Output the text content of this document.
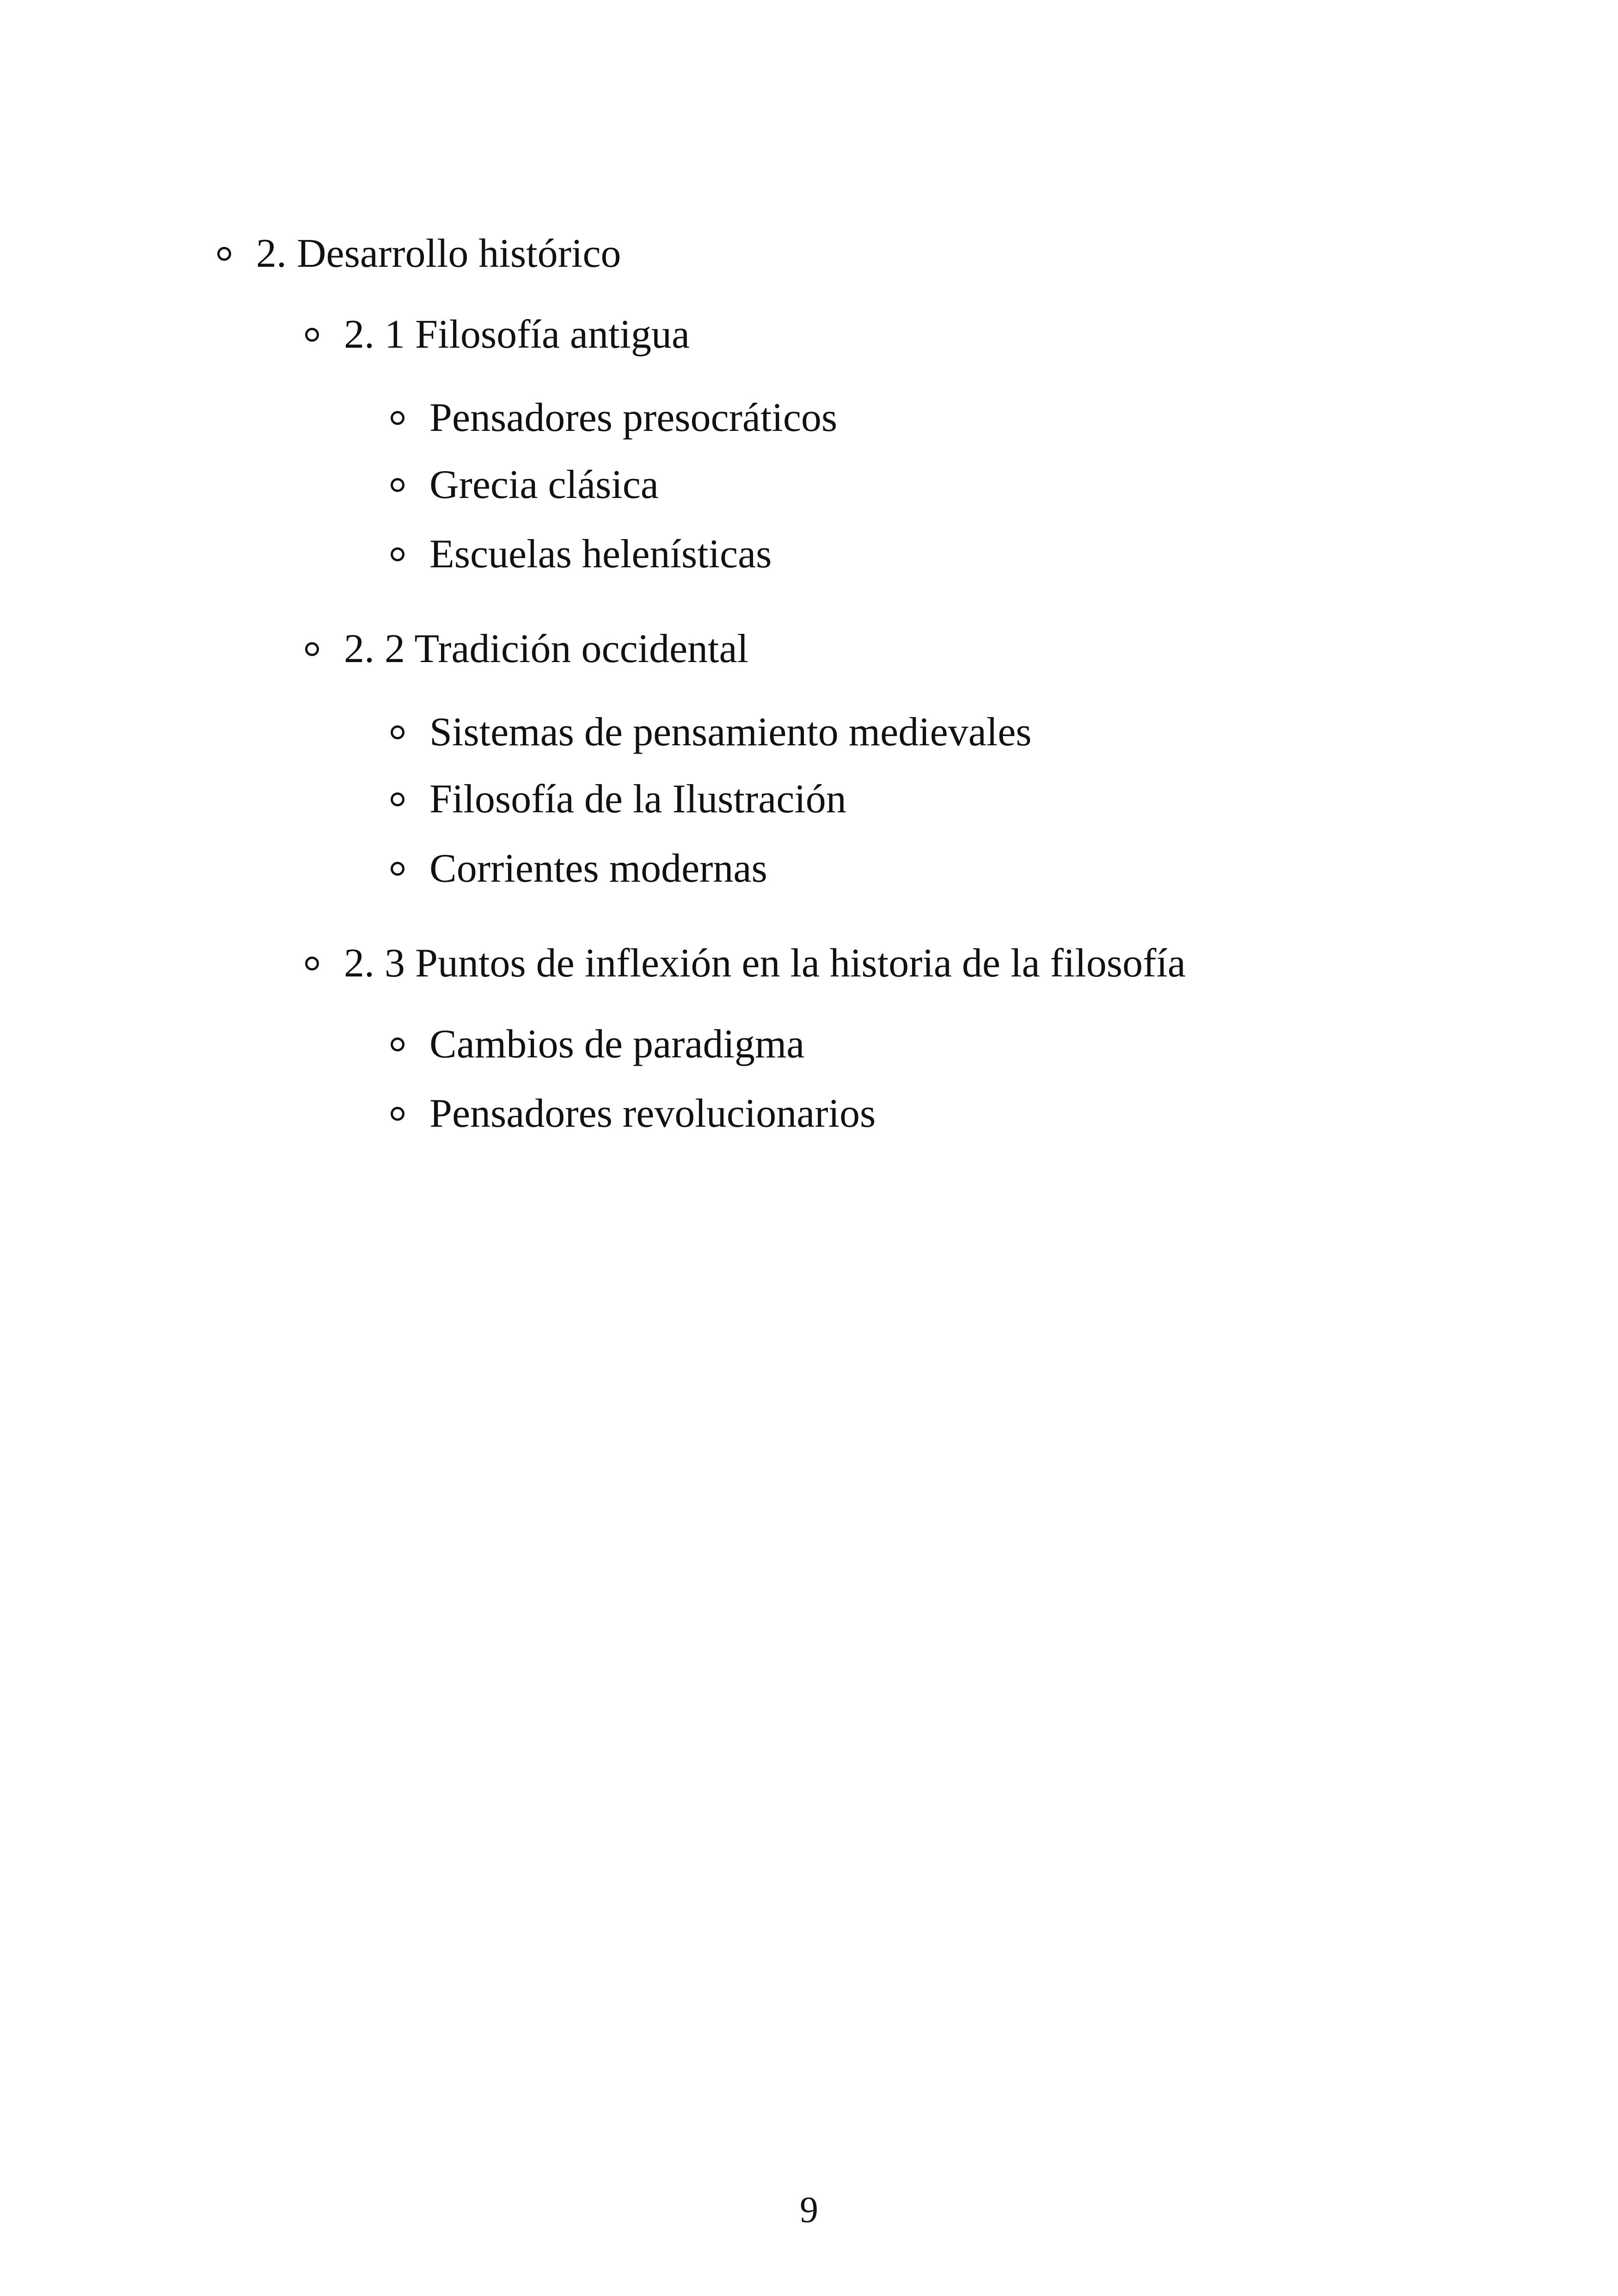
2. Desarrollo histórico
2. 1 Filosofía antigua
Pensadores presocráticos
Grecia clásica
Escuelas helenísticas
2. 2 Tradición occidental
Sistemas de pensamiento medievales
Filosofía de la Ilustración
Corrientes modernas
2. 3 Puntos de inflexión en la historia de la filosofía
Cambios de paradigma
Pensadores revolucionarios
9
